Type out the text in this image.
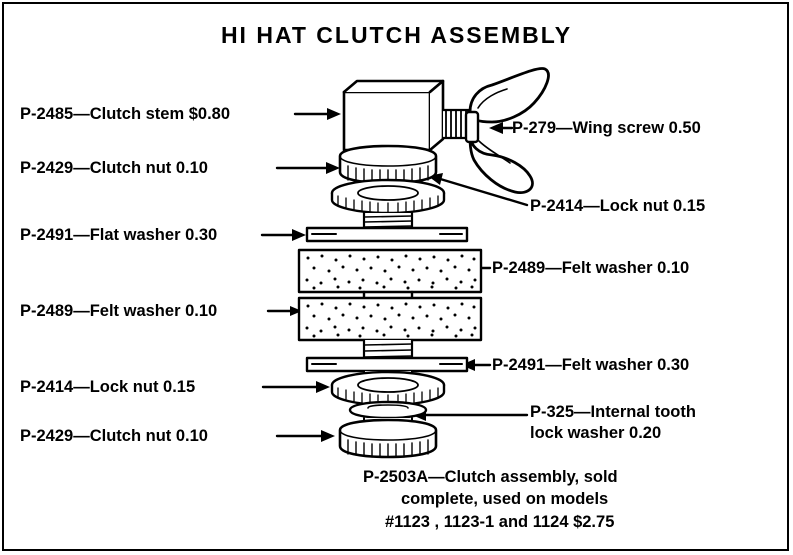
HI HAT CLUTCH ASSEMBLY
P-2485—Clutch stem $0.80
P-2429—Clutch nut 0.10
P-2491—Flat washer 0.30
P-2489—Felt washer 0.10
P-2414—Lock nut 0.15
P-2429—Clutch nut 0.10
P-279—Wing screw 0.50
P-2414—Lock nut 0.15
P-2489—Felt washer 0.10
P-2491—Felt washer 0.30
P-325—Internal tooth
lock washer 0.20
P-2503A—Clutch assembly, sold
complete, used on models
#1123 , 1123-1 and 1124 $2.75
